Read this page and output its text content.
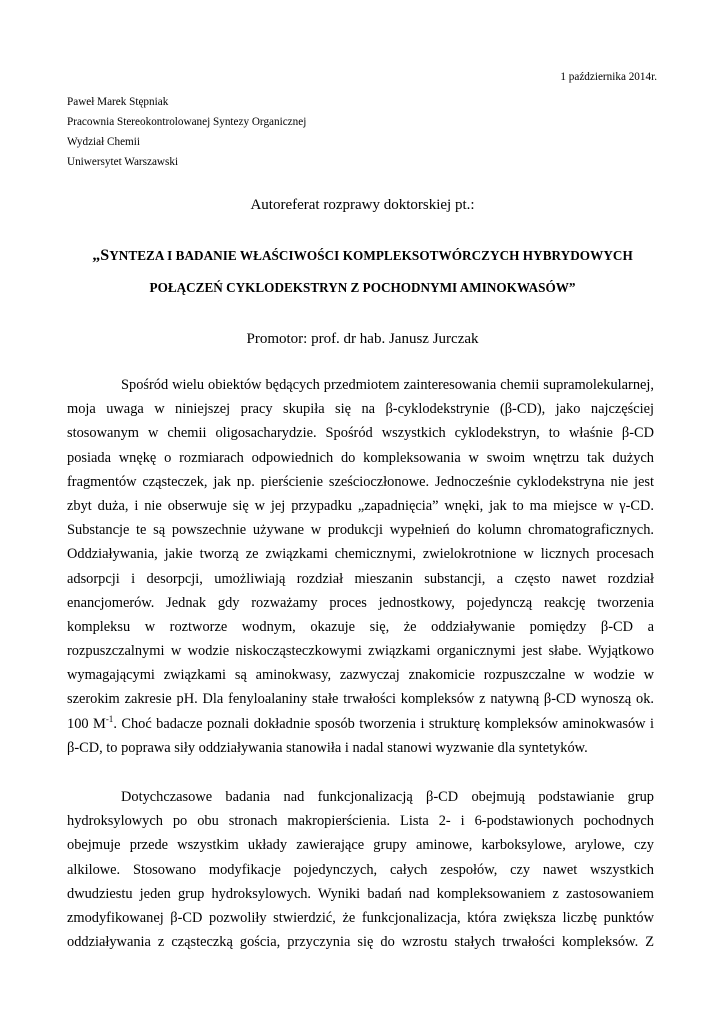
1 października 2014r.
Paweł Marek Stępniak
Pracownia Stereokontrolowanej Syntezy Organicznej
Wydział Chemii
Uniwersytet Warszawski
Autoreferat rozprawy doktorskiej pt.:
„SYNTEZA I BADANIE WŁAŚCIWOŚCI KOMPLEKSOTWÓRCZYCH HYBRYDOWYCH
POŁĄCZEŃ CYKLODEKSTRYN Z POCHODNYMI AMINOKWASÓW”
Promotor: prof. dr hab. Janusz Jurczak
Spośród wielu obiektów będących przedmiotem zainteresowania chemii supramolekularnej,
moja uwaga w niniejszej pracy skupiła się na β-cyklodekstrynie (β-CD), jako najczęściej
stosowanym w chemii oligosacharydzie. Spośród wszystkich cyklodekstryn, to właśnie β-CD
posiada wnękę o rozmiarach odpowiednich do kompleksowania w swoim wnętrzu tak dużych
fragmentów cząsteczek, jak np. pierścienie sześcioczłonowe. Jednocześnie cyklodekstryna nie jest
zbyt duża, i nie obserwuje się w jej przypadku „zapadnięcia” wnęki, jak to ma miejsce w γ-CD.
Substancje te są powszechnie używane w produkcji wypełnień do kolumn chromatograficznych.
Oddziaływania, jakie tworzą ze związkami chemicznymi, zwielokrotnione w licznych procesach
adsorpcji i desorpcji, umożliwiają rozdział mieszanin substancji, a często nawet rozdział
enancjomerów. Jednak gdy rozważamy proces jednostkowy, pojedynczą reakcję tworzenia
kompleksu w roztworze wodnym, okazuje się, że oddziaływanie pomiędzy β-CD a
rozpuszczalnymi w wodzie niskocząsteczkowymi związkami organicznymi jest słabe. Wyjątkowo
wymagającymi związkami są aminokwasy, zazwyczaj znakomicie rozpuszczalne w wodzie w
szerokim zakresie pH. Dla fenyloalaniny stałe trwałości kompleksów z natywną β-CD wynoszą ok.
100 $M^{-1}$. Choć badacze poznali dokładnie sposób tworzenia i strukturę kompleksów aminokwasów i
β-CD, to poprawa siły oddziaływania stanowiła i nadal stanowi wyzwanie dla syntetyków.
Dotychczasowe badania nad funkcjonalizacją β-CD obejmują podstawianie grup
hydroksylowych po obu stronach makropierścienia. Lista 2- i 6-podstawionych pochodnych
obejmuje przede wszystkim układy zawierające grupy aminowe, karboksylowe, arylowe, czy
alkilowe. Stosowano modyfikacje pojedynczych, całych zespołów, czy nawet wszystkich
dwudziestu jeden grup hydroksylowych. Wyniki badań nad kompleksowaniem z zastosowaniem
zmodyfikowanej β-CD pozwoliły stwierdzić, że funkcjonalizacja, która zwiększa liczbę punktów
oddziaływania z cząsteczką gościa, przyczynia się do wzrostu stałych trwałości kompleksów. Z
